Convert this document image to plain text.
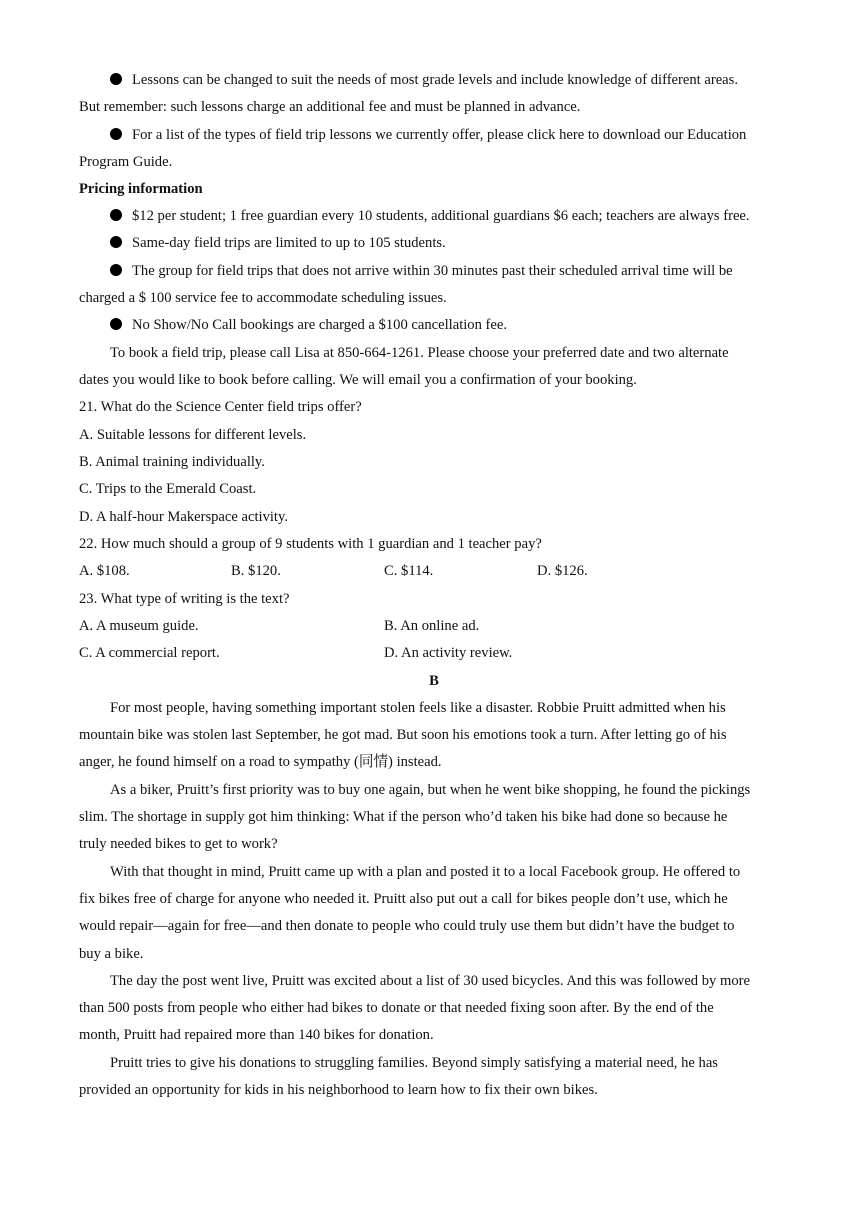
Lessons can be changed to suit the needs of most grade levels and include knowledge of different areas.
But remember: such lessons charge an additional fee and must be planned in advance.
For a list of the types of field trip lessons we currently offer, please click here to download our Education
Program Guide.
Pricing information
$12 per student; 1 free guardian every 10 students, additional guardians $6 each; teachers are always free.
Same-day field trips are limited to up to 105 students.
The group for field trips that does not arrive within 30 minutes past their scheduled arrival time will be
charged a $ 100 service fee to accommodate scheduling issues.
No Show/No Call bookings are charged a $100 cancellation fee.
To book a field trip, please call Lisa at 850-664-1261. Please choose your preferred date and two alternate
dates you would like to book before calling. We will email you a confirmation of your booking.
21. What do the Science Center field trips offer?
A. Suitable lessons for different levels.
B. Animal training individually.
C. Trips to the Emerald Coast.
D. A half-hour Makerspace activity.
22. How much should a group of 9 students with 1 guardian and 1 teacher pay?
A. $108.	B. $120.	C. $114.	D. $126.
23. What type of writing is the text?
A. A museum guide.	B. An online ad.
C. A commercial report.	D. An activity review.
B
For most people, having something important stolen feels like a disaster. Robbie Pruitt admitted when his
mountain bike was stolen last September, he got mad. But soon his emotions took a turn. After letting go of his
anger, he found himself on a road to sympathy (同情) instead.
As a biker, Pruitt’s first priority was to buy one again, but when he went bike shopping, he found the pickings
slim. The shortage in supply got him thinking: What if the person who’d taken his bike had done so because he
truly needed bikes to get to work?
With that thought in mind, Pruitt came up with a plan and posted it to a local Facebook group. He offered to
fix bikes free of charge for anyone who needed it. Pruitt also put out a call for bikes people don’t use, which he
would repair—again for free—and then donate to people who could truly use them but didn’t have the budget to
buy a bike.
The day the post went live, Pruitt was excited about a list of 30 used bicycles. And this was followed by more
than 500 posts from people who either had bikes to donate or that needed fixing soon after. By the end of the
month, Pruitt had repaired more than 140 bikes for donation.
Pruitt tries to give his donations to struggling families. Beyond simply satisfying a material need, he has
provided an opportunity for kids in his neighborhood to learn how to fix their own bikes.
